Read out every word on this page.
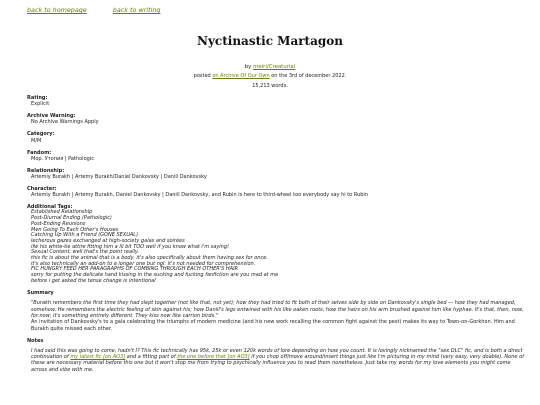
back to homepage	back to writing
Nyctinastic Martagon
by meiri/Creaturial
posted on Archive Of Our Own on the 3rd of december 2022.
15,213 words.
Rating:
Explicit
Archive Warning:
No Archive Warnings Apply
Category:
M/M
Fandom:
Мор. Утопия | Pathologic
Relationship:
Artemiy Burakh | Artemy Burakh/Daniel Dankovsky | Daniil Dankovsky
Character:
Artemiy Burakh | Artemy Burakh, Daniel Dankovsky | Daniil Dankovsky, and Rubin is here to third-wheel too everybody say hi to Rubin
Additional Tags:
Established Relationship
Post-Diurnal Ending (Pathologic)
Post-Ending Reunions
Men Going To Each Other's Houses
Catching Up With a Friend (GONE SEXUAL)
lecherous gazes exchanged at high-society galas and soirées
ifw his white-tie attire fitting him a lil bit TOO well if you know what i'm saying!
Sexual Content, well that's the point really.
this fic is about the animal that is a body. it's also specifically about them having sex for once.
it's also technically an add-on to a longer one but ngl. it's not needed for comprehension.
FIC HUNGRY FEED HER PARAGRAPHS OF COMBING THROUGH EACH OTHER'S HAIR
sorry for putting the delicate hand kissing in the sucking and fucking fanfiction are you mad at me
before i get asked the tense change is intentional
Summary

"Burakh remembers the first time they had slept together (not like that, not yet); how they had tried to fit both of their selves side by side on Dankovsky's single bed — how they had managed, somehow. He remembers the electric feeling of skin against his; how Daniil's legs entwined with his like oaken roots, how the hairs on his arm brushed against him like hyphae. It's that, then, now, for now; it's something entirely different. They kiss now like carrion birds."

An invitation of Dankovsky's to a gala celebrating the triumphs of modern medicine (and his new work recalling the common fight against the pest) makes its way to Town-on-Gorkhon. Him and Burakh quite missed each other.

Notes

I had said this was going to come, hadn't I? This fic technically has 95k, 25k or even 120k words of lore depending on how you count. It is lovingly nicknamed the "sex DLC" fic, and is both a direct continuation of my latest fic [on AO3] and a fitting part of the one before that [on AO3] if you chop off/move around/insert things just like I'm picturing in my mind (very easy, very doable). None of these are necessary material before this one but it won't stop me from trying to psychically influence you to read them nonetheless. Just take my words for my love elements you might come across and vibe with me.
